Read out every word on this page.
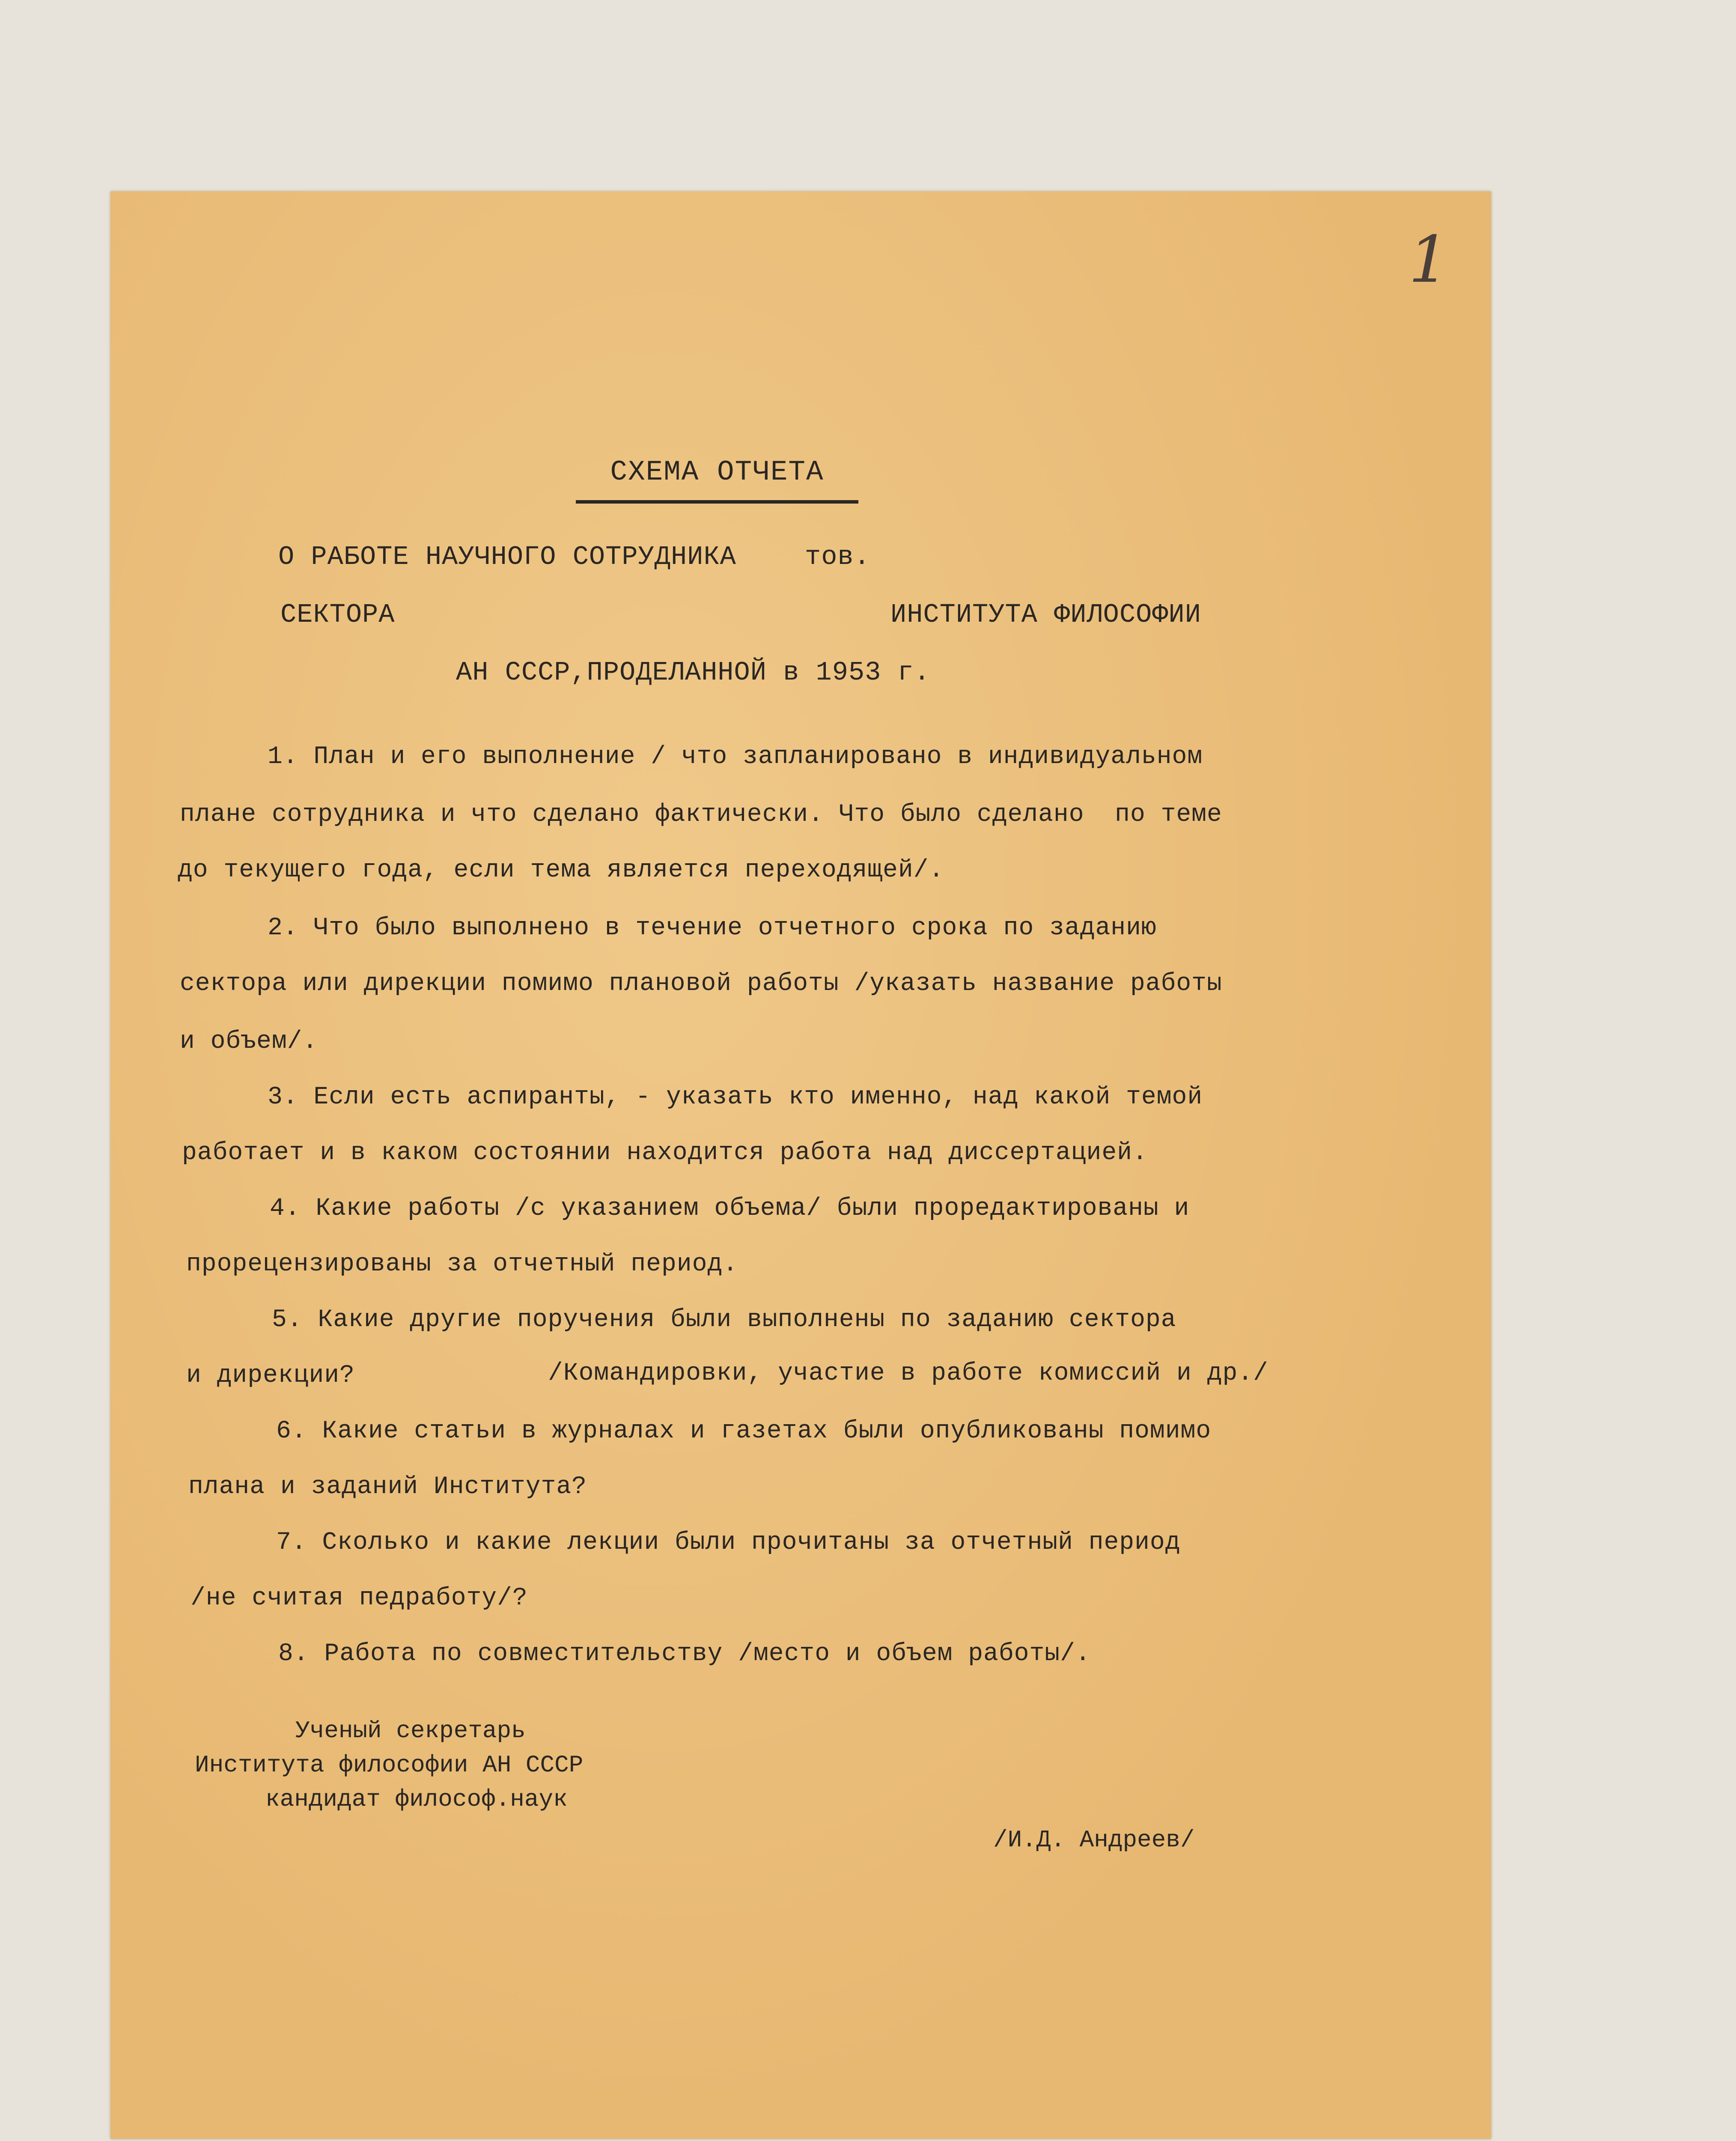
1
СХЕМА ОТЧЕТА
О РАБОТЕ НАУЧНОГО СОТРУДНИКА	тов.
СЕКТОРА	ИНСТИТУТА ФИЛОСОФИИ
АН СССР,ПРОДЕЛАННОЙ в 1953 г.
1. План и его выполнение / что запланировано в индивидуальном
плане сотрудника и что сделано фактически. Что было сделано  по теме
до текущего года, если тема является переходящей/.
2. Что было выполнено в течение отчетного срока по заданию
сектора или дирекции помимо плановой работы /указать название работы
и объем/.
3. Если есть аспиранты, - указать кто именно, над какой темой
работает и в каком состоянии находится работа над диссертацией.
4. Какие работы /с указанием объема/ были проредактированы и
прорецензированы за отчетный период.
5. Какие другие поручения были выполнены по заданию сектора
и дирекции?	/Командировки, участие в работе комиссий и др./
6. Какие статьи в журналах и газетах были опубликованы помимо
плана и заданий Института?
7. Сколько и какие лекции были прочитаны за отчетный период
/не считая педработу/?
8. Работа по совместительству /место и объем работы/.
Ученый секретарь
Института философии АН СССР
кандидат философ.наук
/И.Д. Андреев/
